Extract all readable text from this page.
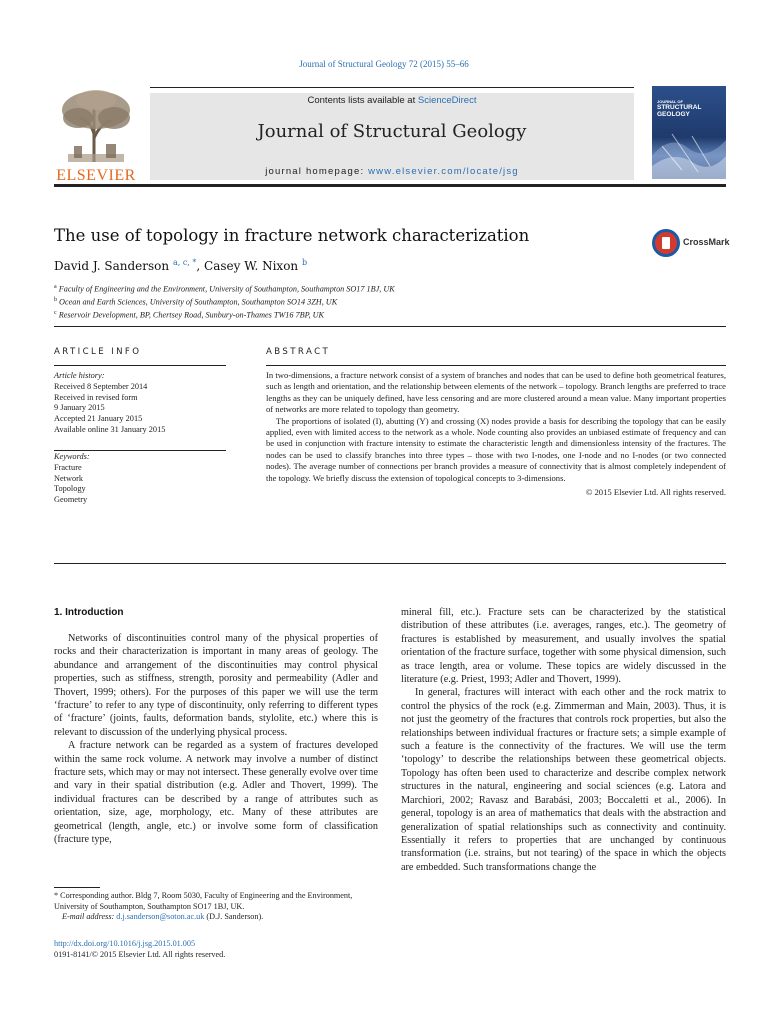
Journal of Structural Geology 72 (2015) 55–66
ELSEVIER
Contents lists available at ScienceDirect
Journal of Structural Geology
journal homepage: www.elsevier.com/locate/jsg
JOURNAL OF
STRUCTURAL
GEOLOGY
The use of topology in fracture network characterization	CrossMark
David J. Sanderson $^{a, c, *}$, Casey W. Nixon $^b$
$^a$ Faculty of Engineering and the Environment, University of Southampton, Southampton SO17 1BJ, UK
$^b$ Ocean and Earth Sciences, University of Southampton, Southampton SO14 3ZH, UK
$^c$ Reservoir Development, BP, Chertsey Road, Sunbury-on-Thames TW16 7BP, UK
ARTICLE INFO	ABSTRACT
Article history:
Received 8 September 2014
Received in revised form
9 January 2015
Accepted 21 January 2015
Available online 31 January 2015
Keywords:
Fracture
Network
Topology
Geometry

In two-dimensions, a fracture network consist of a system of branches and nodes that can be used to define both geometrical features, such as length and orientation, and the relationship between elements of the network – topology. Branch lengths are preferred to trace lengths as they can be uniquely defined, have less censoring and are more clustered around a mean value. Many important properties of networks are more related to topology than geometry.

The proportions of isolated (I), abutting (Y) and crossing (X) nodes provide a basis for describing the topology that can be easily applied, even with limited access to the network as a whole. Node counting also provides an unbiased estimate of frequency and can be used in conjunction with fracture intensity to estimate the characteristic length and dimensionless intensity of the fractures. The nodes can be used to classify branches into three types – those with two I-nodes, one I-node and no I-nodes (or two connected nodes). The average number of connections per branch provides a measure of connectivity that is almost completely independent of the topology. We briefly discuss the extension of topological concepts to 3-dimensions.

© 2015 Elsevier Ltd. All rights reserved.
1. Introduction

Networks of discontinuities control many of the physical properties of rocks and their characterization is important in many areas of geology. The abundance and arrangement of the discontinuities may control physical properties, such as stiffness, strength, porosity and permeability (Adler and Thovert, 1999; others). For the purposes of this paper we will use the term ‘fracture’ to refer to any type of discontinuity, only referring to different types of ‘fracture’ (joints, faults, deformation bands, stylolite, etc.) where this is relevant to discussion of the underlying physical process.

A fracture network can be regarded as a system of fractures developed within the same rock volume. A network may involve a number of distinct fracture sets, which may or may not intersect. These generally evolve over time and vary in their spatial distribution (e.g. Adler and Thovert, 1999). The individual fractures can be described by a range of attributes such as orientation, size, age, morphology, etc. Many of these attributes are geometrical (length, angle, etc.) or involve some form of classification (fracture type,

mineral fill, etc.). Fracture sets can be characterized by the statistical distribution of these attributes (i.e. averages, ranges, etc.). The geometry of fractures is established by measurement, and usually involves the spatial orientation of the fracture surface, together with some physical dimension, such as trace length, area or volume. These topics are widely discussed in the literature (e.g. Priest, 1993; Adler and Thovert, 1999).

In general, fractures will interact with each other and the rock matrix to control the physics of the rock (e.g. Zimmerman and Main, 2003). Thus, it is not just the geometry of the fractures that controls rock properties, but also the relationships between individual fractures or fracture sets; a simple example of such a feature is the connectivity of the fractures. We will use the term ‘topology’ to describe the relationships between these geometrical objects. Topology has often been used to characterize and describe complex network structures in the natural, engineering and social sciences (e.g. Latora and Marchiori, 2002; Ravasz and Barabási, 2003; Boccaletti et al., 2006). In general, topology is an area of mathematics that deals with the abstraction and generalization of spatial relationships such as connectivity and continuity. Essentially it refers to properties that are unchanged by continuous transformation (i.e. strains, but not tearing) of the space in which the objects are embedded. Such transformations change the

* Corresponding author. Bldg 7, Room 5030, Faculty of Engineering and the Environment, University of Southampton, Southampton SO17 1BJ, UK.
E-mail address: d.j.sanderson@soton.ac.uk (D.J. Sanderson).
http://dx.doi.org/10.1016/j.jsg.2015.01.005
0191-8141/© 2015 Elsevier Ltd. All rights reserved.
